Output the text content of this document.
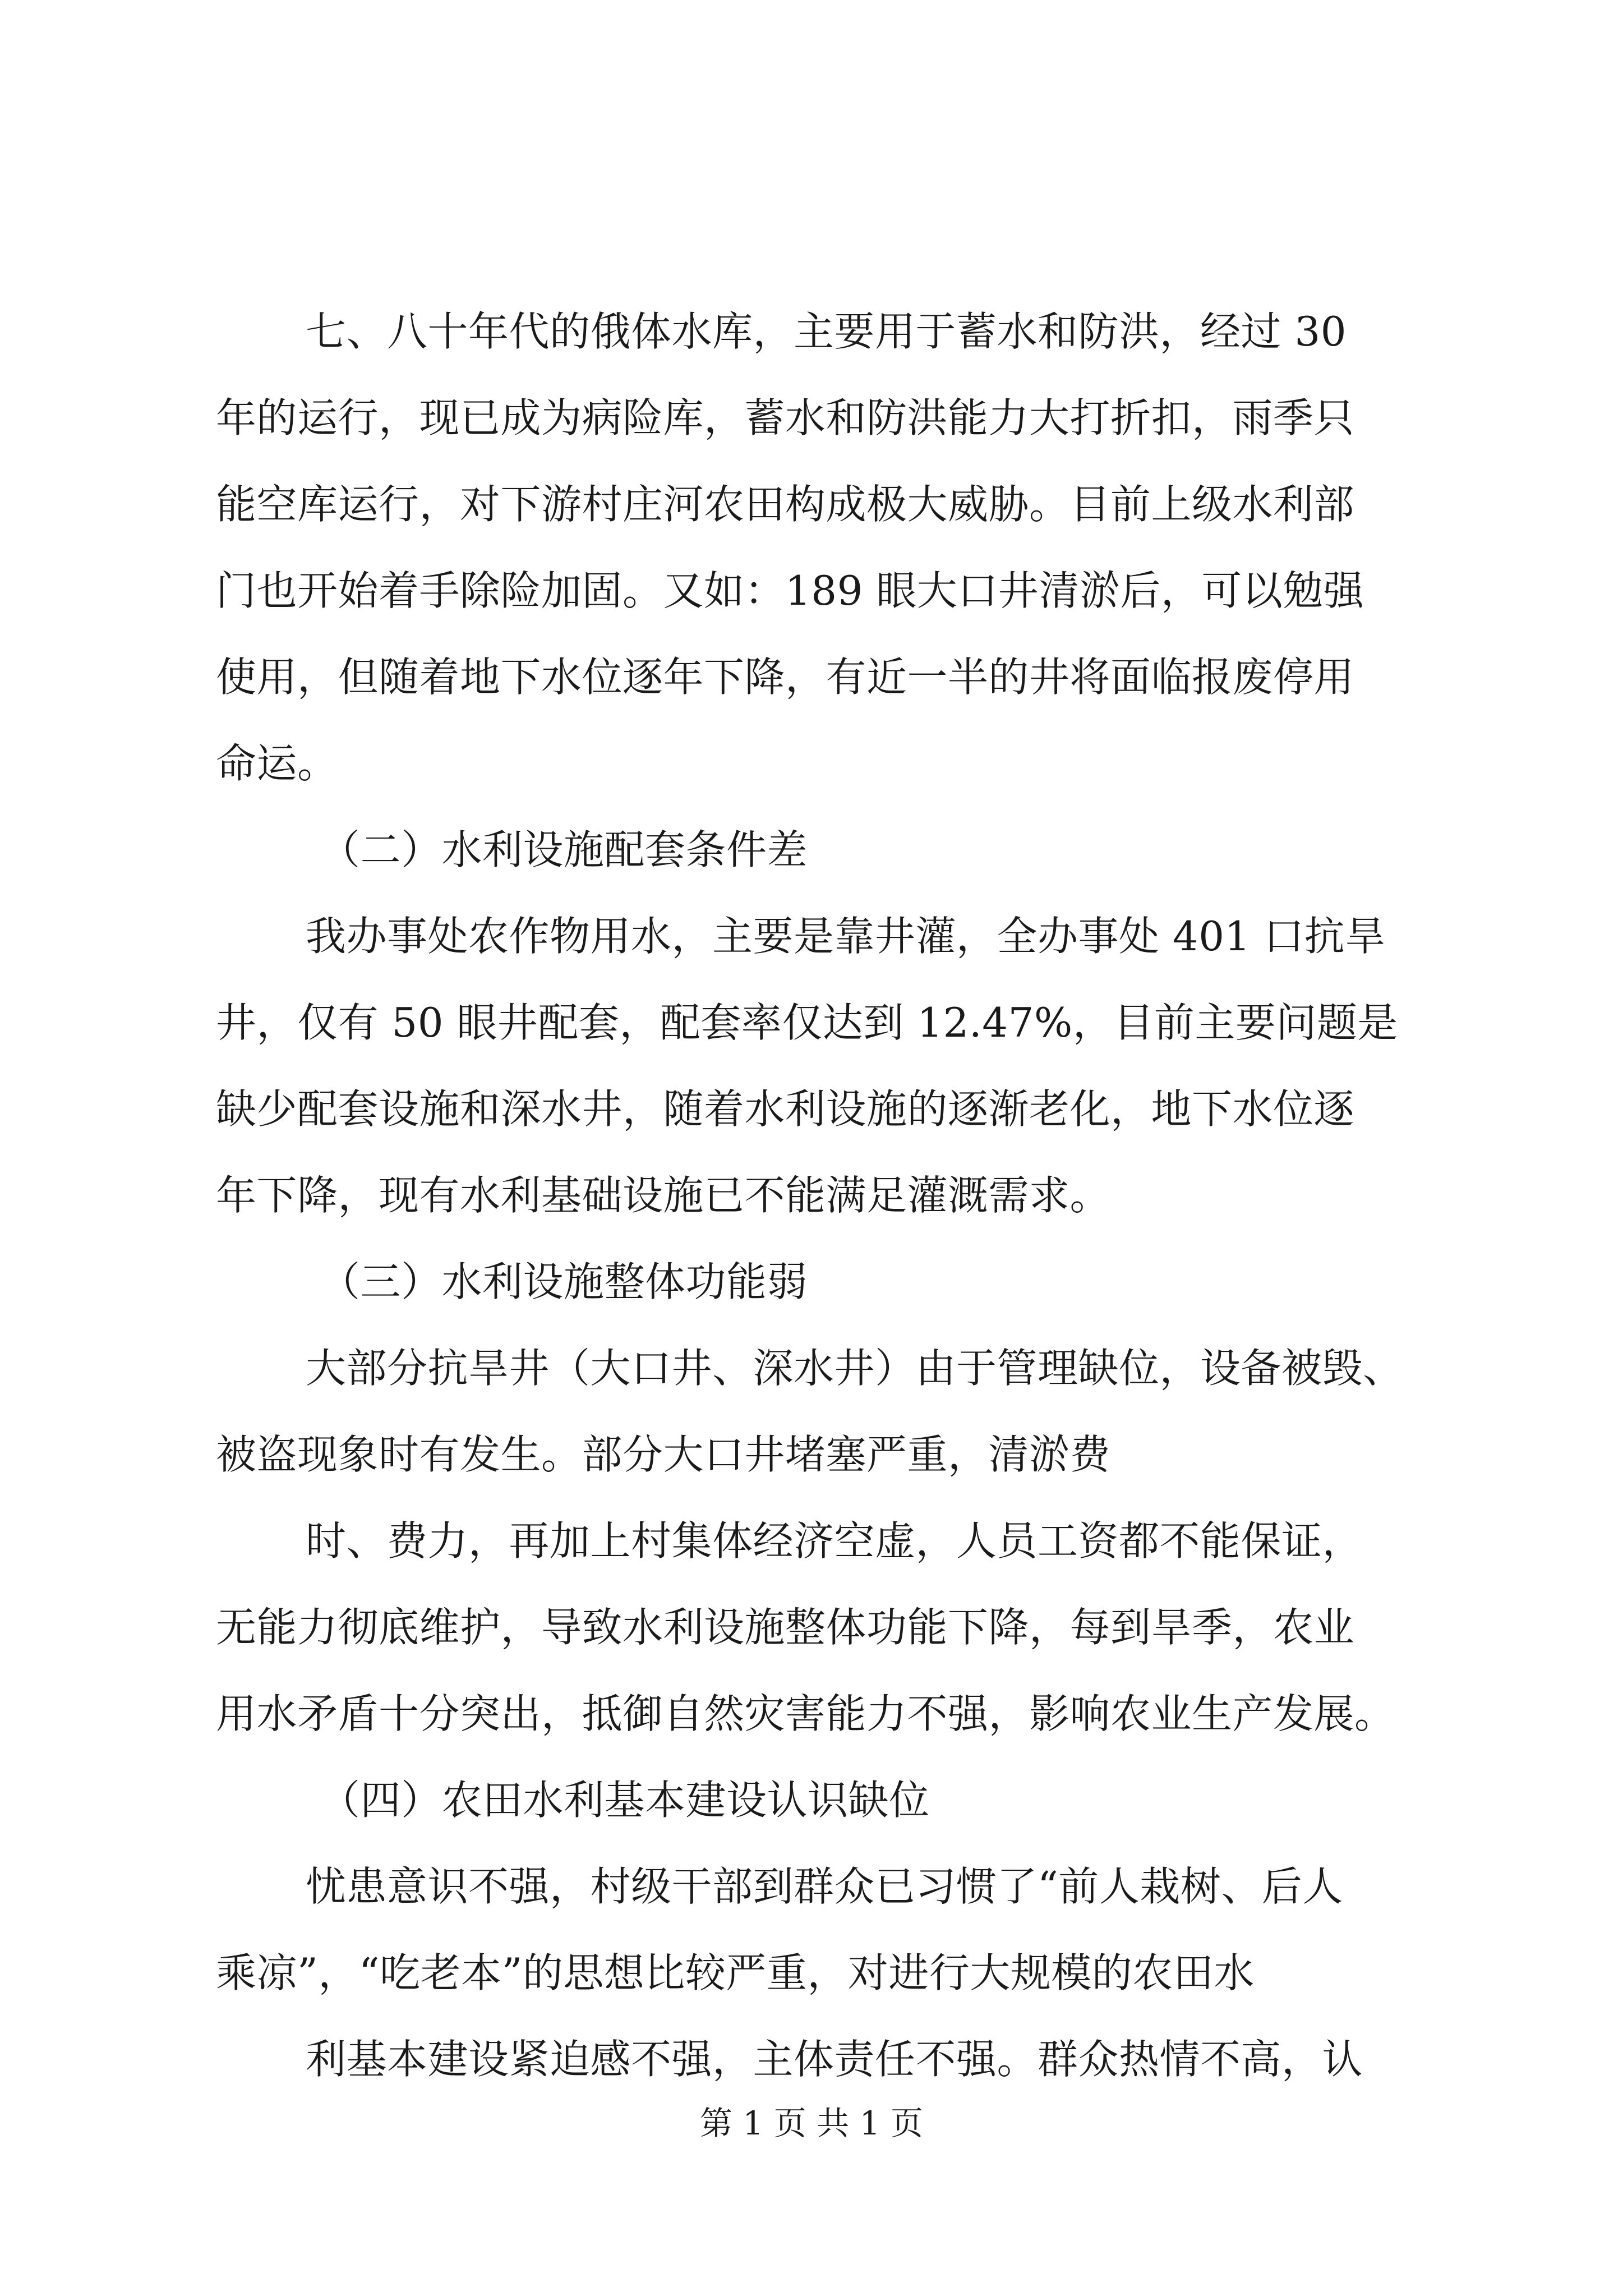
七、八十年代的俄体水库，主要用于蓄水和防洪，经过 30
年的运行，现已成为病险库，蓄水和防洪能力大打折扣，雨季只
能空库运行，对下游村庄河农田构成极大威胁。目前上级水利部
门也开始着手除险加固。又如：189 眼大口井清淤后，可以勉强
使用，但随着地下水位逐年下降，有近一半的井将面临报废停用
命运。
（二）水利设施配套条件差
我办事处农作物用水，主要是靠井灌，全办事处 401 口抗旱
井，仅有 50 眼井配套，配套率仅达到 12.47%，目前主要问题是
缺少配套设施和深水井，随着水利设施的逐渐老化，地下水位逐
年下降，现有水利基础设施已不能满足灌溉需求。
（三）水利设施整体功能弱
大部分抗旱井（大口井、深水井）由于管理缺位，设备被毁、
被盗现象时有发生。部分大口井堵塞严重，清淤费
时、费力，再加上村集体经济空虚，人员工资都不能保证，
无能力彻底维护，导致水利设施整体功能下降，每到旱季，农业
用水矛盾十分突出，抵御自然灾害能力不强，影响农业生产发展。
（四）农田水利基本建设认识缺位
忧患意识不强，村级干部到群众已习惯了“前人栽树、后人
乘凉”，“吃老本”的思想比较严重，对进行大规模的农田水
利基本建设紧迫感不强，主体责任不强。群众热情不高，认
第 1 页 共 1 页
